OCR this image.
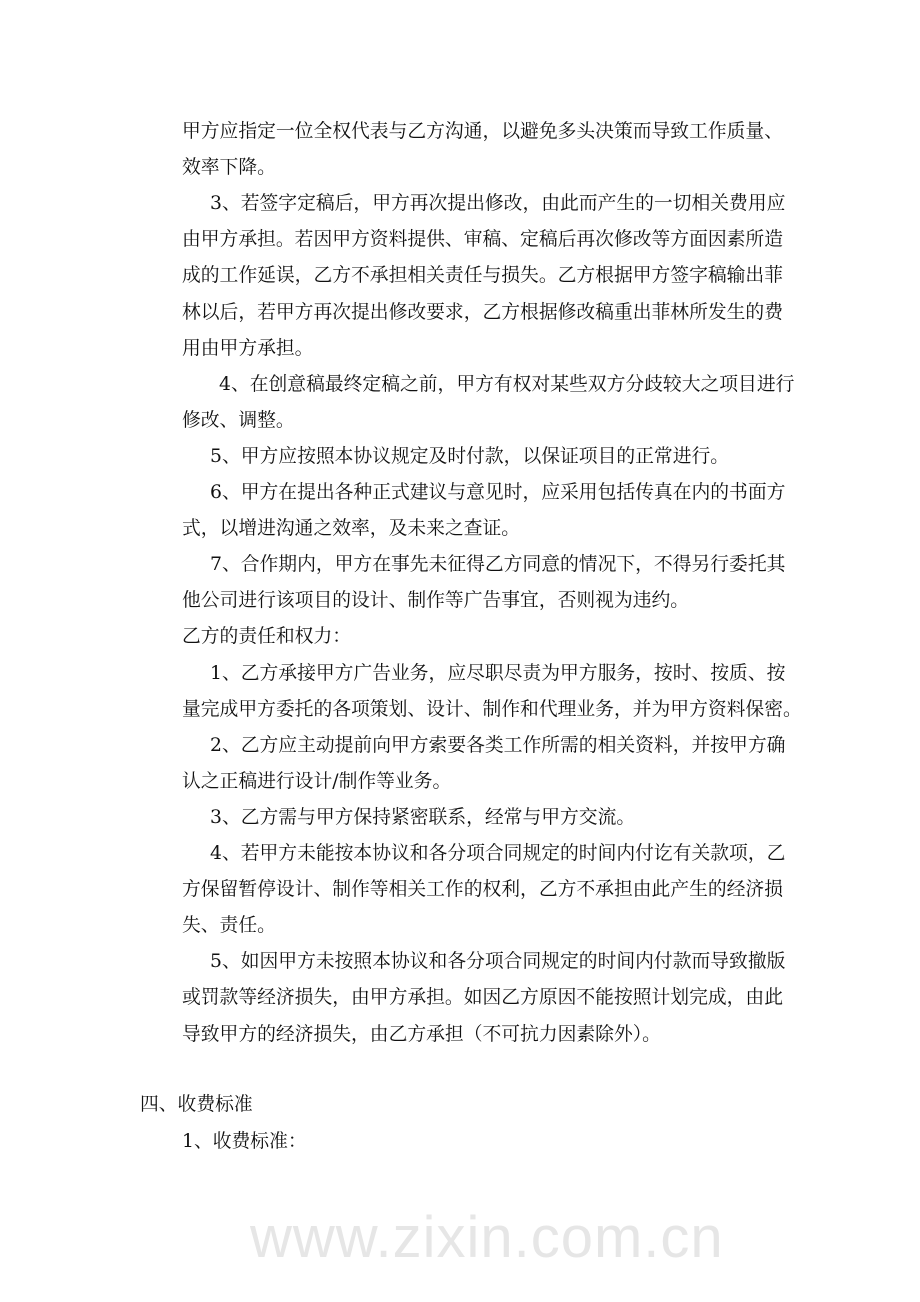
www.zixin.com.cn
甲方应指定一位全权代表与乙方沟通，以避免多头决策而导致工作质量、
效率下降。
3、若签字定稿后，甲方再次提出修改，由此而产生的一切相关费用应
由甲方承担。若因甲方资料提供、审稿、定稿后再次修改等方面因素所造
成的工作延误，乙方不承担相关责任与损失。乙方根据甲方签字稿输出菲
林以后，若甲方再次提出修改要求，乙方根据修改稿重出菲林所发生的费
用由甲方承担。
4、在创意稿最终定稿之前，甲方有权对某些双方分歧较大之项目进行
修改、调整。
5、甲方应按照本协议规定及时付款，以保证项目的正常进行。
6、甲方在提出各种正式建议与意见时，应采用包括传真在内的书面方
式，以增进沟通之效率，及未来之查证。
7、合作期内，甲方在事先未征得乙方同意的情况下，不得另行委托其
他公司进行该项目的设计、制作等广告事宜，否则视为违约。
乙方的责任和权力：
1、乙方承接甲方广告业务，应尽职尽责为甲方服务，按时、按质、按
量完成甲方委托的各项策划、设计、制作和代理业务，并为甲方资料保密。
2、乙方应主动提前向甲方索要各类工作所需的相关资料，并按甲方确
认之正稿进行设计/制作等业务。
3、乙方需与甲方保持紧密联系，经常与甲方交流。
4、若甲方未能按本协议和各分项合同规定的时间内付讫有关款项，乙
方保留暂停设计、制作等相关工作的权利，乙方不承担由此产生的经济损
失、责任。
5、如因甲方未按照本协议和各分项合同规定的时间内付款而导致撤版
或罚款等经济损失，由甲方承担。如因乙方原因不能按照计划完成，由此
导致甲方的经济损失，由乙方承担（不可抗力因素除外）。
四、收费标准
1、收费标准：
